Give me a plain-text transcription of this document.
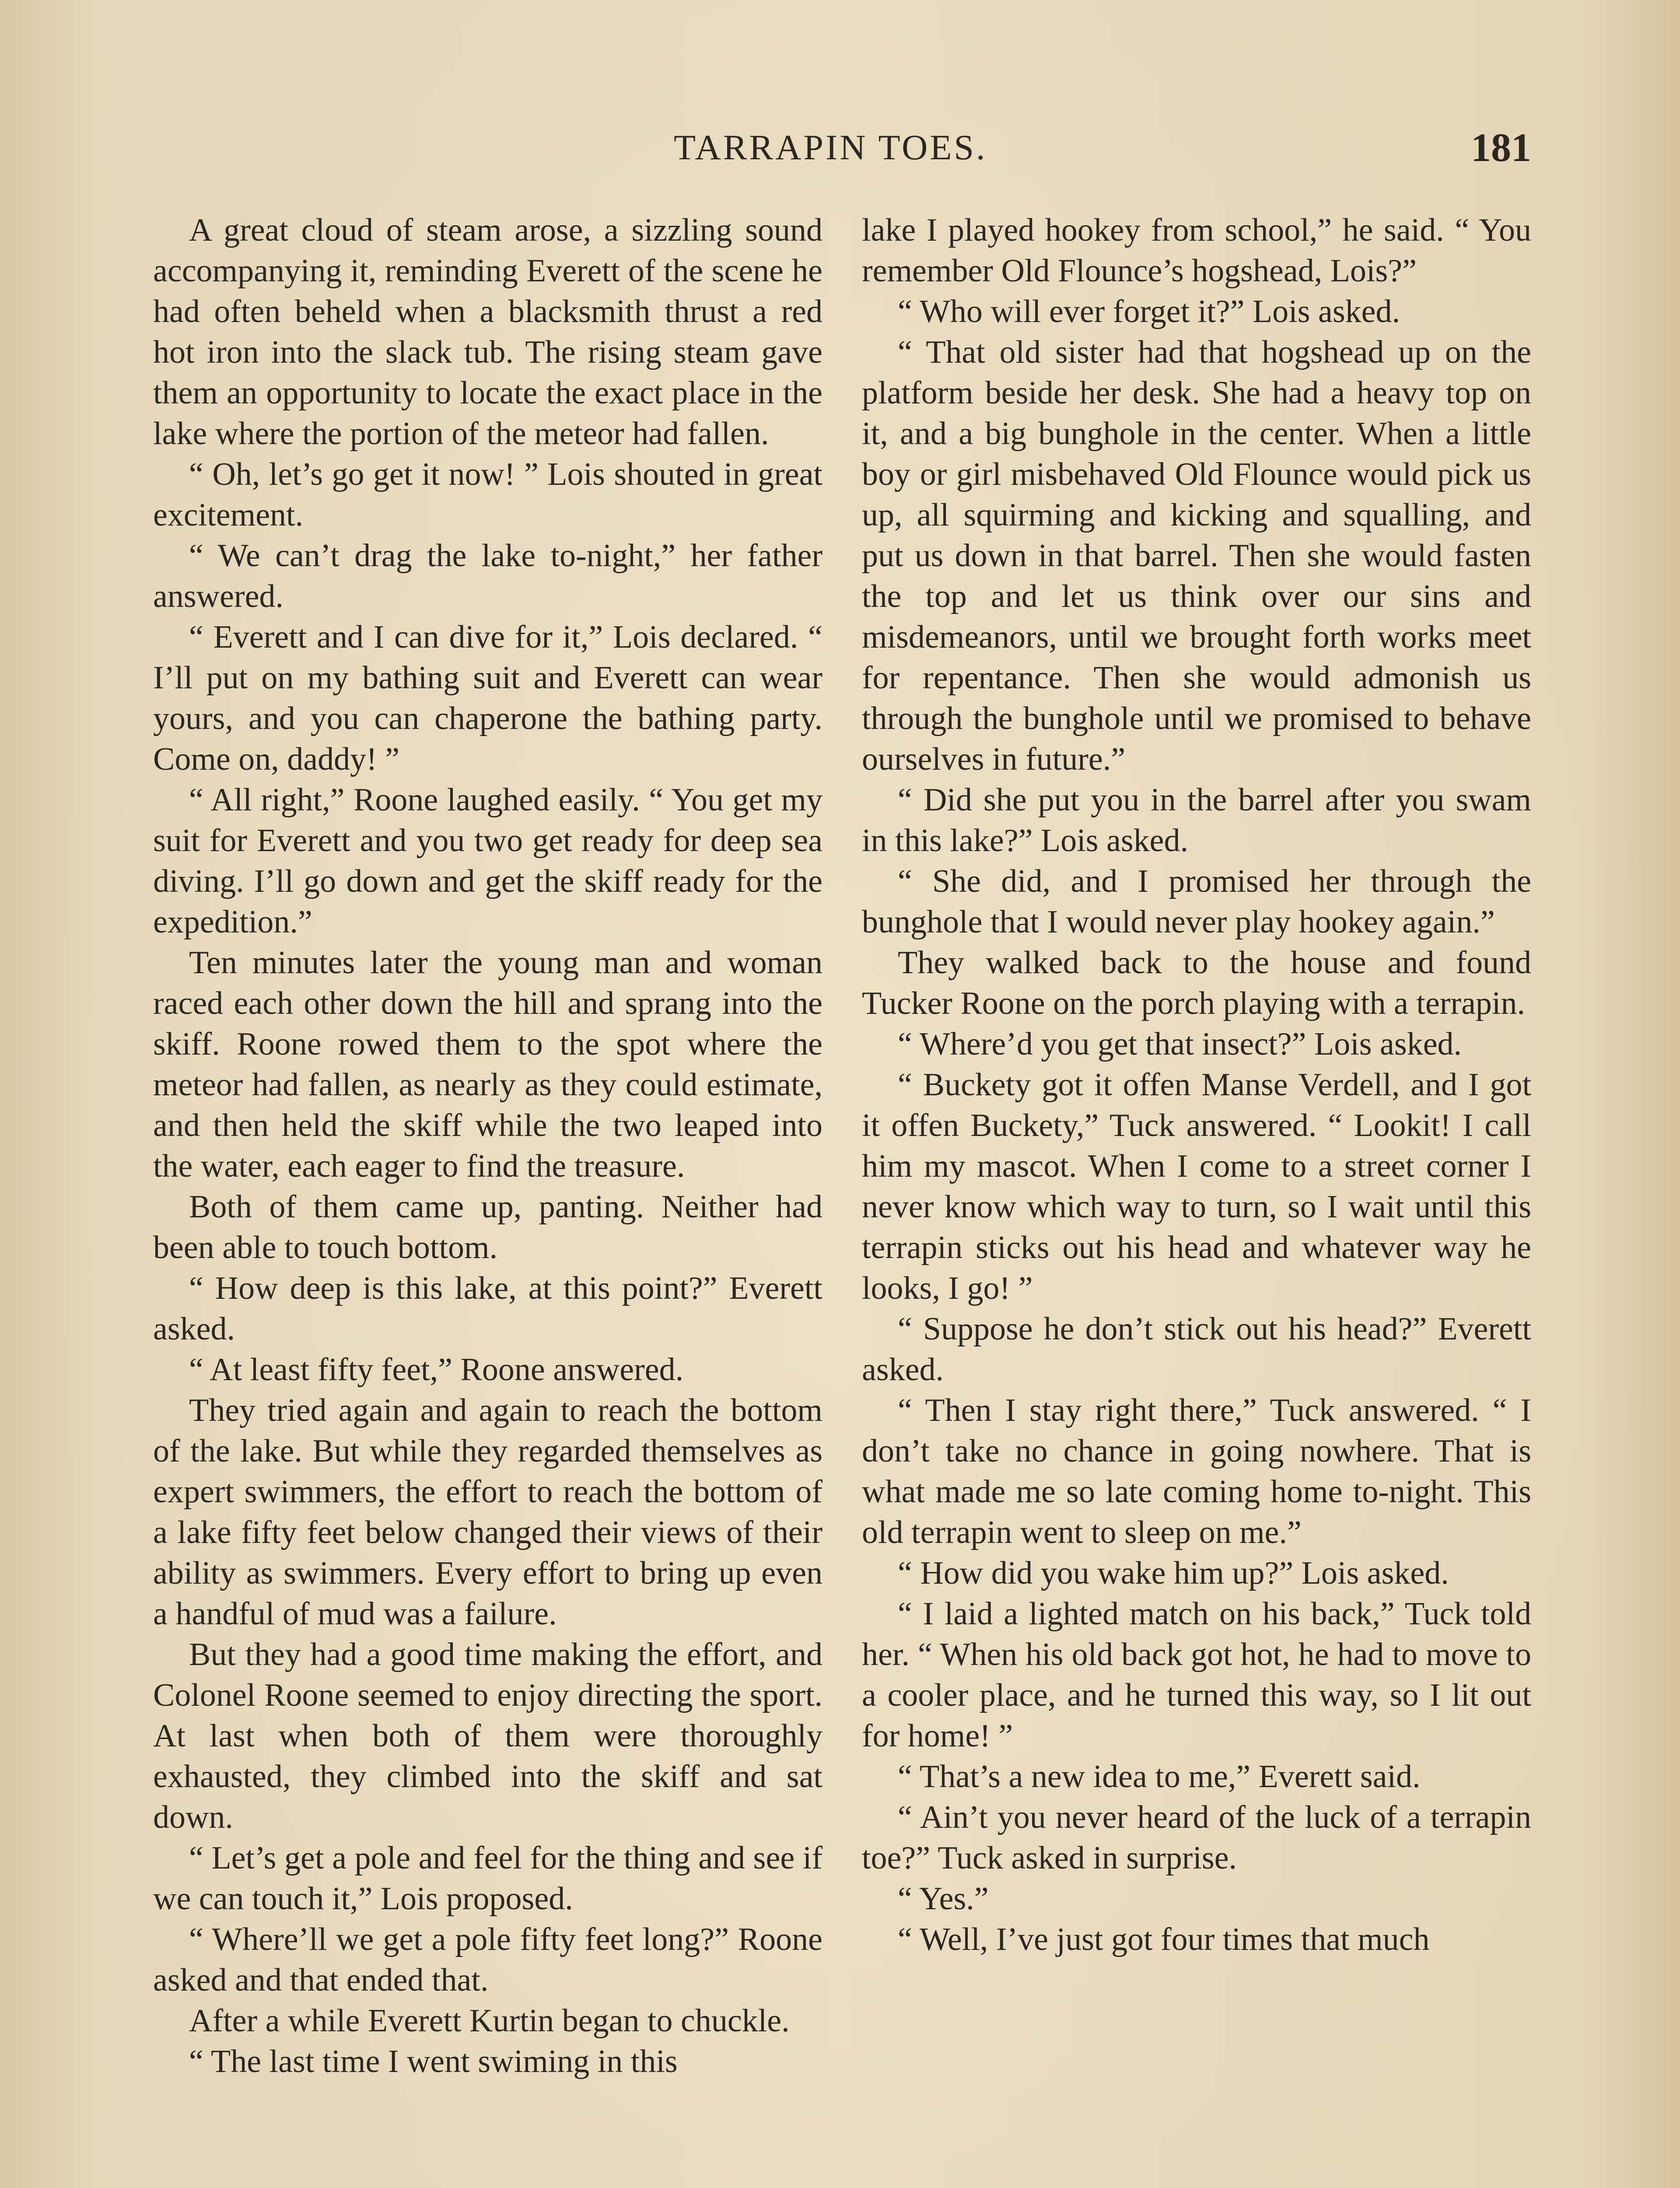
TARRAPIN TOES.	181

A great cloud of steam arose, a sizzling sound accompanying it, reminding Everett of the scene he had often beheld when a blacksmith thrust a red hot iron into the slack tub. The rising steam gave them an opportunity to locate the exact place in the lake where the portion of the meteor had fallen.

“ Oh, let’s go get it now! ” Lois shouted in great excitement.

“ We can’t drag the lake to-night,” her father answered.

“ Everett and I can dive for it,” Lois declared. “ I’ll put on my bathing suit and Everett can wear yours, and you can chaperone the bathing party. Come on, daddy! ”

“ All right,” Roone laughed easily. “ You get my suit for Everett and you two get ready for deep sea diving. I’ll go down and get the skiff ready for the expedition.”

Ten minutes later the young man and woman raced each other down the hill and sprang into the skiff. Roone rowed them to the spot where the meteor had fallen, as nearly as they could estimate, and then held the skiff while the two leaped into the water, each eager to find the treasure.

Both of them came up, panting. Neither had been able to touch bottom.

“ How deep is this lake, at this point?” Everett asked.

“ At least fifty feet,” Roone answered.

They tried again and again to reach the bottom of the lake. But while they regarded themselves as expert swimmers, the effort to reach the bottom of a lake fifty feet below changed their views of their ability as swimmers. Every effort to bring up even a handful of mud was a failure.

But they had a good time making the effort, and Colonel Roone seemed to enjoy directing the sport. At last when both of them were thoroughly exhausted, they climbed into the skiff and sat down.

“ Let’s get a pole and feel for the thing and see if we can touch it,” Lois proposed.

“ Where’ll we get a pole fifty feet long?” Roone asked and that ended that.

After a while Everett Kurtin began to chuckle.

“ The last time I went swiming in this

lake I played hookey from school,” he said. “ You remember Old Flounce’s hogshead, Lois?”

“ Who will ever forget it?” Lois asked.

“ That old sister had that hogshead up on the platform beside her desk. She had a heavy top on it, and a big bunghole in the center. When a little boy or girl misbehaved Old Flounce would pick us up, all squirming and kicking and squalling, and put us down in that barrel. Then she would fasten the top and let us think over our sins and misdemeanors, until we brought forth works meet for repentance. Then she would admonish us through the bunghole until we promised to behave ourselves in future.”

“ Did she put you in the barrel after you swam in this lake?” Lois asked.

“ She did, and I promised her through the bunghole that I would never play hookey again.”

They walked back to the house and found Tucker Roone on the porch playing with a terrapin.

“ Where’d you get that insect?” Lois asked.

“ Buckety got it offen Manse Verdell, and I got it offen Buckety,” Tuck answered. “ Lookit! I call him my mascot. When I come to a street corner I never know which way to turn, so I wait until this terrapin sticks out his head and whatever way he looks, I go! ”

“ Suppose he don’t stick out his head?” Everett asked.

“ Then I stay right there,” Tuck answered. “ I don’t take no chance in going nowhere. That is what made me so late coming home to-night. This old terrapin went to sleep on me.”

“ How did you wake him up?” Lois asked.

“ I laid a lighted match on his back,” Tuck told her. “ When his old back got hot, he had to move to a cooler place, and he turned this way, so I lit out for home! ”

“ That’s a new idea to me,” Everett said.

“ Ain’t you never heard of the luck of a terrapin toe?” Tuck asked in surprise.

“ Yes.”

“ Well, I’ve just got four times that much
